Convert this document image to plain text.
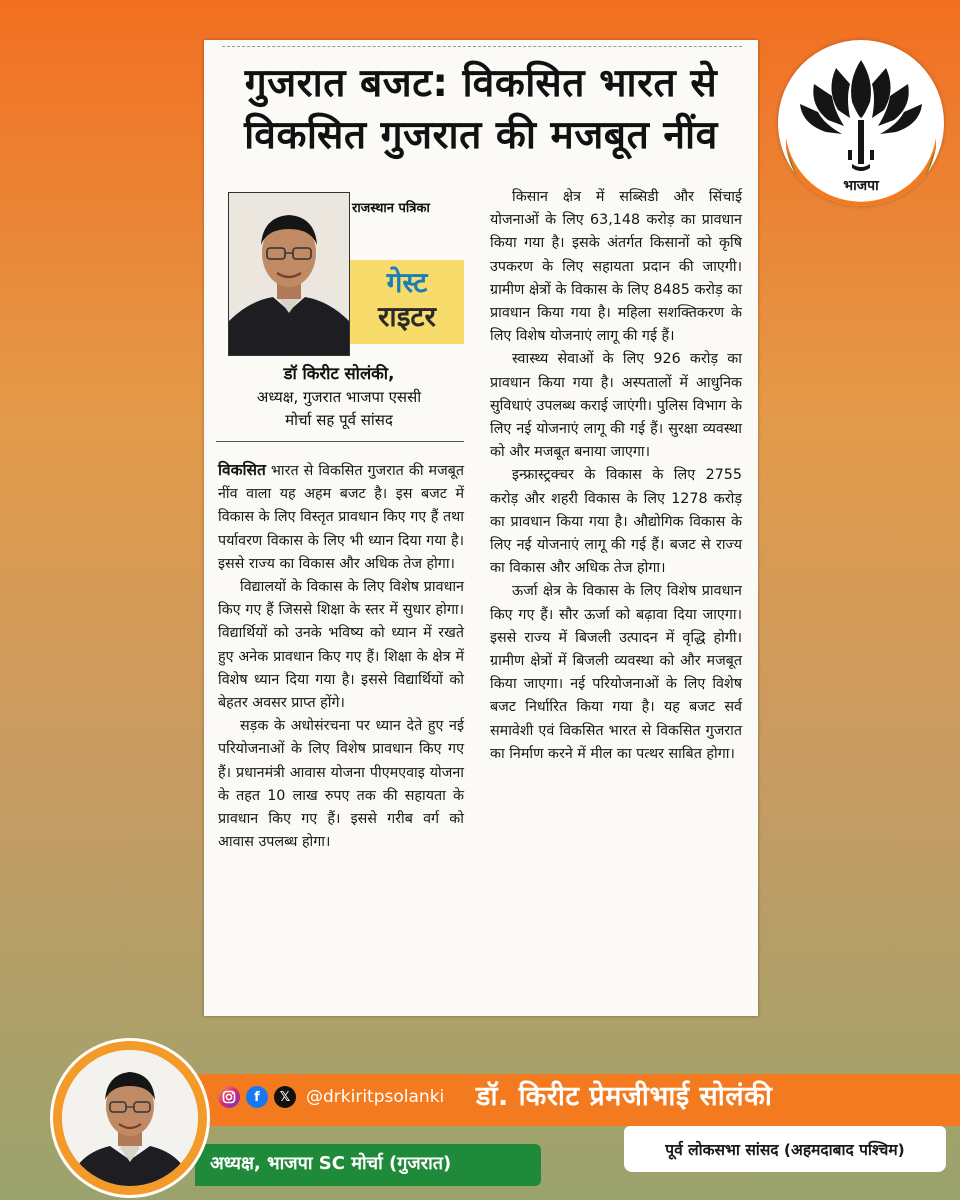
गुजरात बजट: विकसित भारत से
विकसित गुजरात की मजबूत नींव
राजस्थान पत्रिका
गेस्ट
राइटर
डॉ किरीट सोलंकी,
अध्यक्ष, गुजरात भाजपा एससी
मोर्चा सह पूर्व सांसद

विकसित भारत से विकसित गुजरात की मजबूत नींव वाला यह अहम बजट है। इस बजट में विकास के लिए विस्तृत प्रावधान किए गए हैं तथा पर्यावरण विकास के लिए भी ध्यान दिया गया है। इससे राज्य का विकास और अधिक तेज होगा।

विद्यालयों के विकास के लिए विशेष प्रावधान किए गए हैं जिससे शिक्षा के स्तर में सुधार होगा। विद्यार्थियों को उनके भविष्य को ध्यान में रखते हुए अनेक प्रावधान किए गए हैं। शिक्षा के क्षेत्र में विशेष ध्यान दिया गया है। इससे विद्यार्थियों को बेहतर अवसर प्राप्त होंगे।

सड़क के अधोसंरचना पर ध्यान देते हुए नई परियोजनाओं के लिए विशेष प्रावधान किए गए हैं। प्रधानमंत्री आवास योजना पीएमएवाइ योजना के तहत 10 लाख रुपए तक की सहायता के प्रावधान किए गए हैं। इससे गरीब वर्ग को आवास उपलब्ध होगा।

किसान क्षेत्र में सब्सिडी और सिंचाई योजनाओं के लिए 63,148 करोड़ का प्रावधान किया गया है। इसके अंतर्गत किसानों को कृषि उपकरण के लिए सहायता प्रदान की जाएगी। ग्रामीण क्षेत्रों के विकास के लिए 8485 करोड़ का प्रावधान किया गया है। महिला सशक्तिकरण के लिए विशेष योजनाएं लागू की गई हैं।

स्वास्थ्य सेवाओं के लिए 926 करोड़ का प्रावधान किया गया है। अस्पतालों में आधुनिक सुविधाएं उपलब्ध कराई जाएंगी। पुलिस विभाग के लिए नई योजनाएं लागू की गई हैं। सुरक्षा व्यवस्था को और मजबूत बनाया जाएगा।

इन्फ्रास्ट्रक्चर के विकास के लिए 2755 करोड़ और शहरी विकास के लिए 1278 करोड़ का प्रावधान किया गया है। औद्योगिक विकास के लिए नई योजनाएं लागू की गई हैं। बजट से राज्य का विकास और अधिक तेज होगा।

ऊर्जा क्षेत्र के विकास के लिए विशेष प्रावधान किए गए हैं। सौर ऊर्जा को बढ़ावा दिया जाएगा। इससे राज्य में बिजली उत्पादन में वृद्धि होगी। ग्रामीण क्षेत्रों में बिजली व्यवस्था को और मजबूत किया जाएगा। नई परियोजनाओं के लिए विशेष बजट निर्धारित किया गया है। यह बजट सर्व समावेशी एवं विकसित भारत से विकसित गुजरात का निर्माण करने में मील का पत्थर साबित होगा।

भाजपा
अध्यक्ष, भाजपा SC मोर्चा (गुजरात)
f	𝕏 @drkiritpsolanki डॉ. किरीट प्रेमजीभाई सोलंकी
पूर्व लोकसभा सांसद (अहमदाबाद पश्चिम)
